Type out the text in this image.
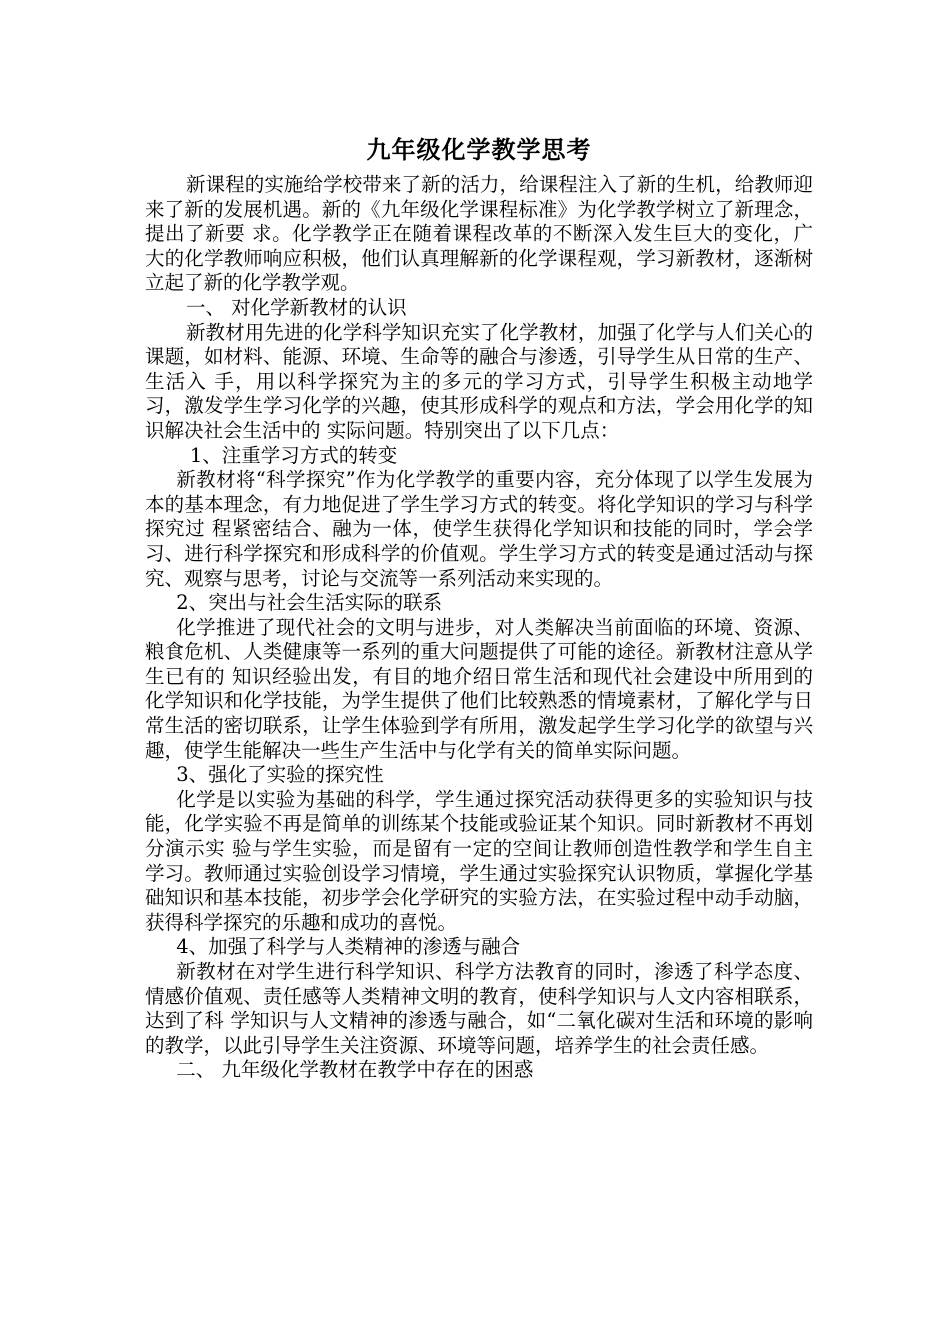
九年级化学教学思考

新课程的实施给学校带来了新的活力，给课程注入了新的生机，给教师迎来了新的发展机遇。新的《九年级化学课程标准》为化学教学树立了新理念，提出了新要 求。化学教学正在随着课程改革的不断深入发生巨大的变化，广大的化学教师响应积极，他们认真理解新的化学课程观，学习新教材，逐渐树立起了新的化学教学观。

一、 对化学新教材的认识

新教材用先进的化学科学知识充实了化学教材，加强了化学与人们关心的课题，如材料、能源、环境、生命等的融合与渗透，引导学生从日常的生产、生活入 手，用以科学探究为主的多元的学习方式，引导学生积极主动地学习，激发学生学习化学的兴趣，使其形成科学的观点和方法，学会用化学的知识解决社会生活中的 实际问题。特别突出了以下几点：

1、注重学习方式的转变

新教材将“科学探究”作为化学教学的重要内容，充分体现了以学生发展为本的基本理念，有力地促进了学生学习方式的转变。将化学知识的学习与科学探究过 程紧密结合、融为一体，使学生获得化学知识和技能的同时，学会学习、进行科学探究和形成科学的价值观。学生学习方式的转变是通过活动与探究、观察与思考，讨论与交流等一系列活动来实现的。

2、突出与社会生活实际的联系

化学推进了现代社会的文明与进步，对人类解决当前面临的环境、资源、粮食危机、人类健康等一系列的重大问题提供了可能的途径。新教材注意从学生已有的 知识经验出发，有目的地介绍日常生活和现代社会建设中所用到的化学知识和化学技能，为学生提供了他们比较熟悉的情境素材，了解化学与日常生活的密切联系，让学生体验到学有所用，激发起学生学习化学的欲望与兴趣，使学生能解决一些生产生活中与化学有关的简单实际问题。

3、强化了实验的探究性

化学是以实验为基础的科学，学生通过探究活动获得更多的实验知识与技能，化学实验不再是简单的训练某个技能或验证某个知识。同时新教材不再划分演示实 验与学生实验，而是留有一定的空间让教师创造性教学和学生自主学习。教师通过实验创设学习情境，学生通过实验探究认识物质，掌握化学基础知识和基本技能，初步学会化学研究的实验方法，在实验过程中动手动脑，获得科学探究的乐趣和成功的喜悦。

4、加强了科学与人类精神的渗透与融合

新教材在对学生进行科学知识、科学方法教育的同时，渗透了科学态度、情感价值观、责任感等人类精神文明的教育，使科学知识与人文内容相联系，达到了科 学知识与人文精神的渗透与融合，如“二氧化碳对生活和环境的影响的教学，以此引导学生关注资源、环境等问题，培养学生的社会责任感。

二、 九年级化学教材在教学中存在的困惑
